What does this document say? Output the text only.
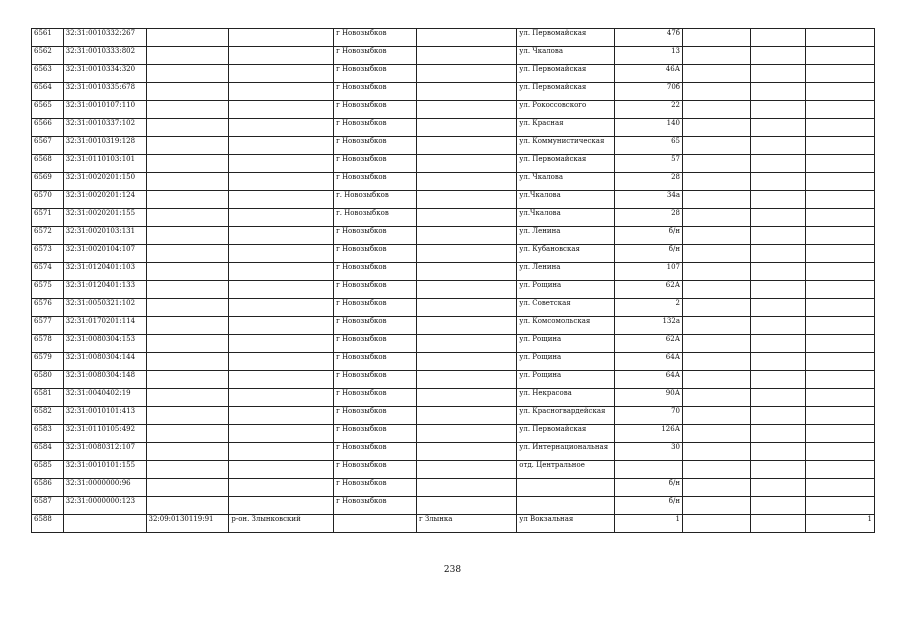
6561	32:31:0010332:267			г Новозыбков		ул. Первомайская	47б			
6562	32:31:0010333:802			г Новозыбков		ул. Чкалова	13			
6563	32:31:0010334:320			г Новозыбков		ул. Первомайская	46А			
6564	32:31:0010335:678			г Новозыбков		ул. Первомайская	70б			
6565	32:31:0010107:110			г Новозыбков		ул. Рокоссовского	22			
6566	32:31:0010337:102			г Новозыбков		ул. Красная	140			
6567	32:31:0010319:128			г Новозыбков		ул. Коммунистическая	65			
6568	32:31:0110103:101			г Новозыбков		ул. Первомайская	57			
6569	32:31:0020201:150			г Новозыбков		ул. Чкалова	28			
6570	32:31:0020201:124			г. Новозыбков		ул.Чкалова	34а			
6571	32:31:0020201:155			г. Новозыбков		ул.Чкалова	28			
6572	32:31:0020103:131			г Новозыбков		ул. Ленина	б/н			
6573	32:31:0020104:107			г Новозыбков		ул. Кубановская	б/н			
6574	32:31:0120401:103			г Новозыбков		ул. Ленина	107			
6575	32:31:0120401:133			г Новозыбков		ул. Рощина	62А			
6576	32:31:0050321:102			г Новозыбков		ул. Советская	2			
6577	32:31:0170201:114			г Новозыбков		ул. Комсомольская	132а			
6578	32:31:0080304:153			г Новозыбков		ул. Рощина	62А			
6579	32:31:0080304:144			г Новозыбков		ул. Рощина	64А			
6580	32:31:0080304:148			г Новозыбков		ул. Рощина	64А			
6581	32:31:0040402:19			г Новозыбков		ул. Некрасова	90А			
6582	32:31:0010101:413			г Новозыбков		ул. Красногвардейская	70			
6583	32:31:0110105:492			г Новозыбков		ул. Первомайская	126А			
6584	32:31:0080312:107			г Новозыбков		ул. Интернациональная	30			
6585	32:31:0010101:155			г Новозыбков		отд. Центральное				
6586	32:31:0000000:96			г Новозыбков			б/н			
6587	32:31:0000000:123			г Новозыбков			б/н			
6588		32:09:0130119:91	р-он. Злынковский		г Злынка	ул Вокзальная	1			1
238
